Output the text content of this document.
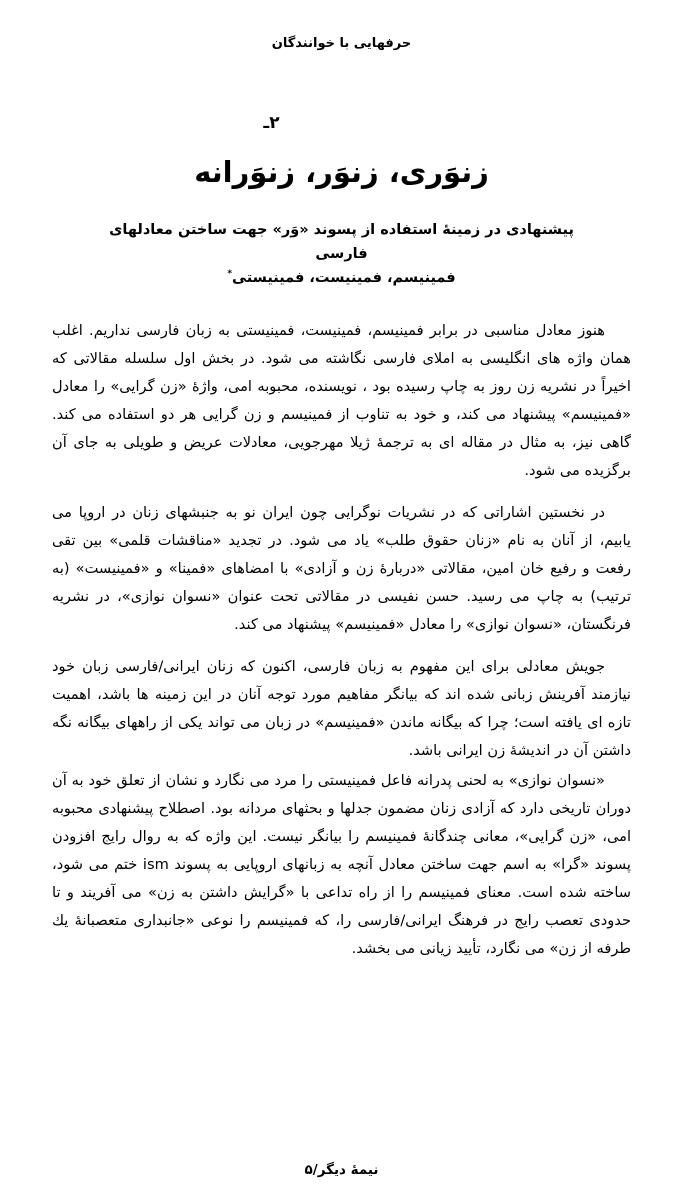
حرفهایی با خوانندگان
۲ـ
زنوَری، زنوَر، زنوَرانه
پیشنهادی در زمینهٔ استفاده از پسوند «وَر» جهت ساختن معادلهای فارسی
فمینیسم، فمینیست، فمینیستی*

هنوز معادل مناسبی در برابر فمینیسم، فمینیست، فمینیستی به زبان فارسی نداریم. اغلب همان واژه های انگلیسی به املای فارسی نگاشته می شود. در بخش اول سلسله مقالاتی که اخیراً در نشریه زن روز به چاپ رسیده بود ، نویسنده، محبوبه امی، واژهٔ «زن گرایی» را معادل «فمینیسم» پیشنهاد می کند، و خود به تناوب از فمینیسم و زن گرایی هر دو استفاده می کند. گاهی نیز، به مثال در مقاله ای به ترجمهٔ ژیلا مهرجویی، معادلات عریض و طویلی به جای آن برگزیده می شود.

در نخستین اشاراتی که در نشریات نوگرایی چون ایران نو به جنبشهای زنان در اروپا می یابیم، از آنان به نام «زنان حقوق طلب» یاد می شود. در تجدید «مناقشات قلمی» بین تقی رفعت و رفیع خان امین، مقالاتی «دربارهٔ زن و آزادی» با امضاهای «فمینا» و «فمینیست» (به ترتیب) به چاپ می رسید. حسن نفیسی در مقالاتی تحت عنوان «نسوان نوازی»، در نشریه فرنگستان، «نسوان نوازی» را معادل «فمینیسم» پیشنهاد می کند.

جویش معادلی برای این مفهوم به زبان فارسی، اکنون که زنان ایرانی/فارسی زبان خود نیازمند آفرینش زبانی شده اند که بیانگر مفاهیم مورد توجه آنان در این زمینه ها باشد، اهمیت تازه ای یافته است؛ چرا که بیگانه ماندن «فمینیسم» در زبان می تواند یکی از راههای بیگانه نگه داشتن آن در اندیشهٔ زن ایرانی باشد.

«نسوان نوازی» به لحنی پدرانه فاعل فمینیستی را مرد می نگارد و نشان از تعلق خود به آن دوران تاریخی دارد که آزادی زنان مضمون جدلها و بحثهای مردانه بود. اصطلاح پیشنهادی محبوبه امی، «زن گرایی»، معانی چندگانهٔ فمینیسم را بیانگر نیست. این واژه که به روال رایج افزودن پسوند «گرا» به اسم جهت ساختن معادل آنچه به زبانهای اروپایی به پسوند ism ختم می شود، ساخته شده است. معنای فمینیسم را از راه تداعی با «گرایش داشتن به زن» می آفریند و تا حدودی تعصب رایج در فرهنگ ایرانی/فارسی را، که فمینیسم را نوعی «جانبداری متعصبانهٔ یك طرفه از زن» می نگارد، تأیید زیانی می بخشد.

نیمهٔ دیگر/۵
